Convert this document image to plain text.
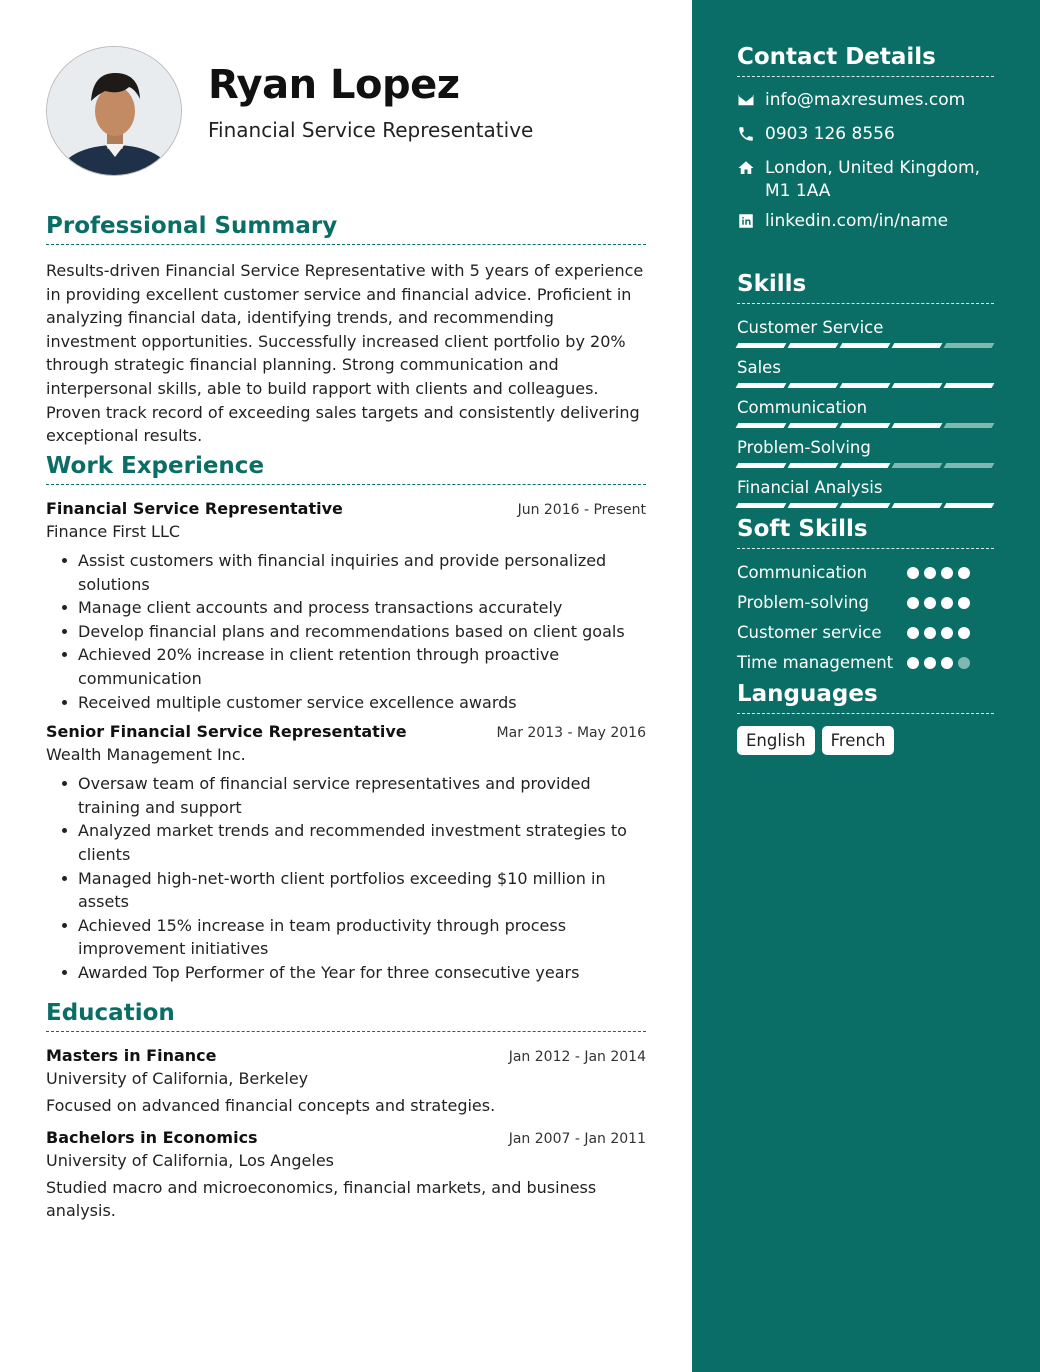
Ryan Lopez
Financial Service Representative
Professional Summary

Results-driven Financial Service Representative with 5 years of experience in providing excellent customer service and financial advice. Proficient in analyzing financial data, identifying trends, and recommending investment opportunities. Successfully increased client portfolio by 20% through strategic financial planning. Strong communication and interpersonal skills, able to build rapport with clients and colleagues. Proven track record of exceeding sales targets and consistently delivering exceptional results.

Work Experience
Financial Service Representative	Jun 2016 - Present
Finance First LLC
Assist customers with financial inquiries and provide personalized solutions
Manage client accounts and process transactions accurately
Develop financial plans and recommendations based on client goals
Achieved 20% increase in client retention through proactive communication
Received multiple customer service excellence awards
Senior Financial Service Representative	Mar 2013 - May 2016
Wealth Management Inc.
Oversaw team of financial service representatives and provided training and support
Analyzed market trends and recommended investment strategies to clients
Managed high-net-worth client portfolios exceeding $10 million in assets
Achieved 15% increase in team productivity through process improvement initiatives
Awarded Top Performer of the Year for three consecutive years
Education
Masters in Finance	Jan 2012 - Jan 2014
University of California, Berkeley
Focused on advanced financial concepts and strategies.
Bachelors in Economics	Jan 2007 - Jan 2011
University of California, Los Angeles
Studied macro and microeconomics, financial markets, and business analysis.
Contact Details
info@maxresumes.com
0903 126 8556
London, United Kingdom, M1 1AA
linkedin.com/in/name
Skills
Customer Service
Sales
Communication
Problem-Solving
Financial Analysis
Soft Skills
Communication
Problem-solving
Customer service
Time management
Languages
English	French
